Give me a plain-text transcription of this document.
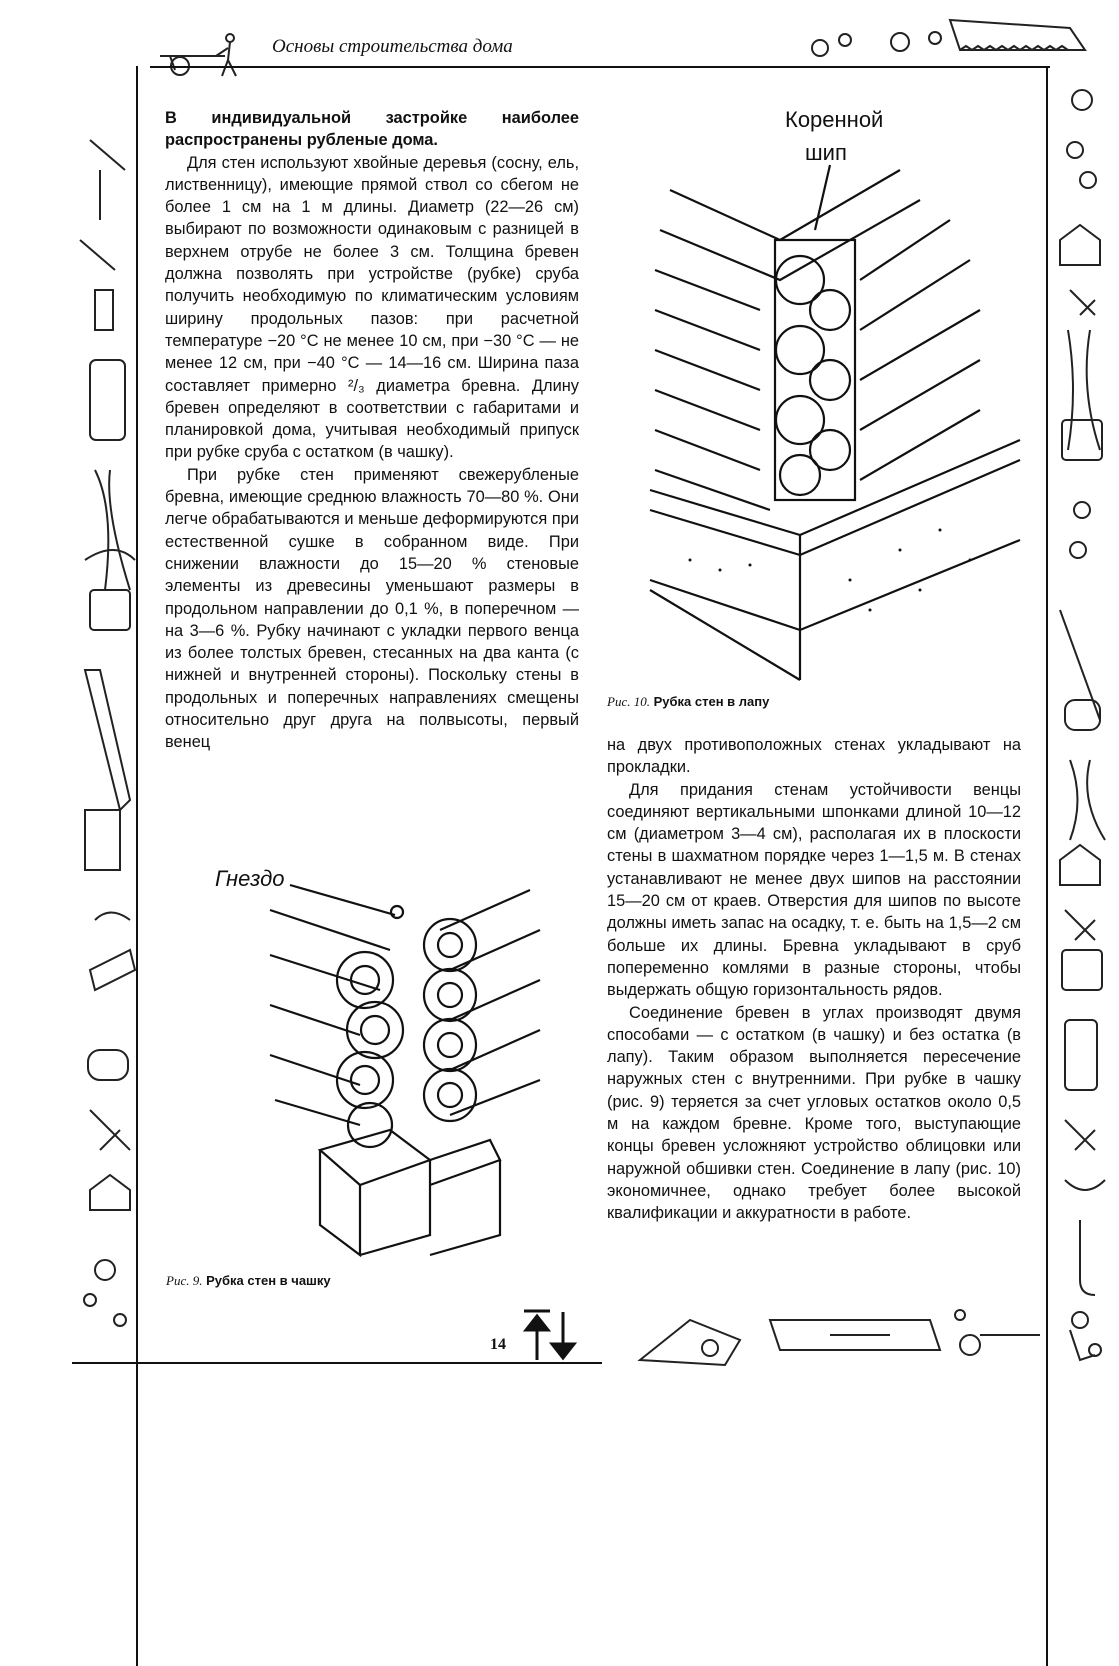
Основы строительства дома

В индивидуальной застройке наиболее распространены рубленые дома.

Для стен используют хвойные деревья (сосну, ель, лиственницу), имеющие прямой ствол со сбегом не более 1 см на 1 м длины. Диаметр (22—26 см) выбирают по возможности одинаковым с разницей в верхнем отрубе не более 3 см. Толщина бревен должна позволять при устройстве (рубке) сруба получить необходимую по климатическим условиям ширину продольных пазов: при расчетной температуре −20 °С не менее 10 см, при −30 °С — не менее 12 см, при −40 °С — 14—16 см. Ширина паза составляет примерно ²/₃ диаметра бревна. Длину бревен определяют в соответствии с габаритами и планировкой дома, учитывая необходимый припуск при рубке сруба с остатком (в чашку).

При рубке стен применяют свежерубленые бревна, имеющие среднюю влажность 70—80 %. Они легче обрабатываются и меньше деформируются при естественной сушке в собранном виде. При снижении влажности до 15—20 % стеновые элементы из древесины уменьшают размеры в продольном направлении до 0,1 %, в поперечном — на 3—6 %. Рубку начинают с укладки первого венца из более толстых бревен, стесанных на два канта (с нижней и внутренней стороны). Поскольку стены в продольных и поперечных направлениях смещены относительно друг друга на полвысоты, первый венец

Коренной
шип
Рис. 10. Рубка стен в лапу

на двух противоположных стенах укладывают на прокладки.

Для придания стенам устойчивости венцы соединяют вертикальными шпонками длиной 10—12 см (диаметром 3—4 см), располагая их в плоскости стены в шахматном порядке через 1—1,5 м. В стенах устанавливают не менее двух шипов на расстоянии 15—20 см от краев. Отверстия для шипов по высоте должны иметь запас на осадку, т. е. быть на 1,5—2 см больше их длины. Бревна укладывают в сруб попеременно комлями в разные стороны, чтобы выдержать общую горизонтальность рядов.

Соединение бревен в углах производят двумя способами — с остатком (в чашку) и без остатка (в лапу). Таким образом выполняется пересечение наружных стен с внутренними. При рубке в чашку (рис. 9) теряется за счет угловых остатков около 0,5 м на каждом бревне. Кроме того, выступающие концы бревен усложняют устройство облицовки или наружной обшивки стен. Соединение в лапу (рис. 10) экономичнее, однако требует более высокой квалификации и аккуратности в работе.

Гнездо
Рис. 9. Рубка стен в чашку
14
